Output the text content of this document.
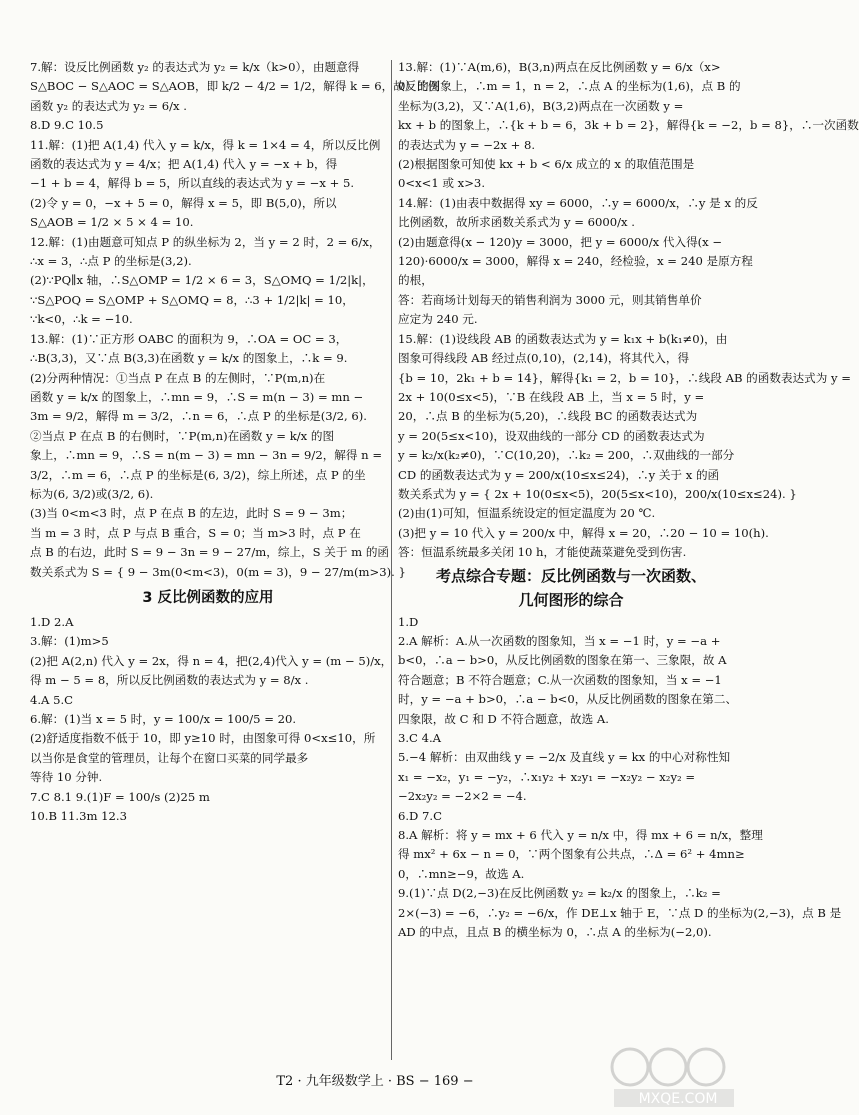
7.解：设反比例函数 y₂ 的表达式为 y₂ = k/x（k>0），由题意得
S△BOC − S△AOC = S△AOB，即 k/2 − 4/2 = 1/2，解得 k = 6，故反比例
函数 y₂ 的表达式为 y₂ = 6/x .
8.D 9.C 10.5
11.解：(1)把 A(1,4) 代入 y = k/x，得 k = 1×4 = 4，所以反比例
函数的表达式为 y = 4/x；把 A(1,4) 代入 y = −x + b，得
−1 + b = 4，解得 b = 5，所以直线的表达式为 y = −x + 5.
(2)令 y = 0，−x + 5 = 0，解得 x = 5，即 B(5,0)，所以
S△AOB = 1/2 × 5 × 4 = 10.
12.解：(1)由题意可知点 P 的纵坐标为 2，当 y = 2 时，2 = 6/x，
∴x = 3，∴点 P 的坐标是(3,2).
(2)∵PQ∥x 轴，∴S△OMP = 1/2 × 6 = 3，S△OMQ = 1/2|k|，
∵S△POQ = S△OMP + S△OMQ = 8，∴3 + 1/2|k| = 10，
∵k<0，∴k = −10.
13.解：(1)∵正方形 OABC 的面积为 9，∴OA = OC = 3，
∴B(3,3)，又∵点 B(3,3)在函数 y = k/x 的图象上，∴k = 9.
(2)分两种情况：①当点 P 在点 B 的左侧时，∵P(m,n)在
函数 y = k/x 的图象上，∴mn = 9，∴S = m(n − 3) = mn −
3m = 9/2，解得 m = 3/2，∴n = 6，∴点 P 的坐标是(3/2, 6).
②当点 P 在点 B 的右侧时，∵P(m,n)在函数 y = k/x 的图
象上，∴mn = 9，∴S = n(m − 3) = mn − 3n = 9/2，解得 n =
3/2，∴m = 6，∴点 P 的坐标是(6, 3/2)，综上所述，点 P 的坐
标为(6, 3/2)或(3/2, 6).
(3)当 0<m<3 时，点 P 在点 B 的左边，此时 S = 9 − 3m；
当 m = 3 时，点 P 与点 B 重合，S = 0；当 m>3 时，点 P 在
点 B 的右边，此时 S = 9 − 3n = 9 − 27/m，综上，S 关于 m 的函
数关系式为 S = { 9 − 3m(0<m<3)，0(m = 3)，9 − 27/m(m>3). }
3 反比例函数的应用
1.D 2.A
3.解：(1)m>5
(2)把 A(2,n) 代入 y = 2x，得 n = 4，把(2,4)代入 y = (m − 5)/x，
得 m − 5 = 8，所以反比例函数的表达式为 y = 8/x .
4.A 5.C
6.解：(1)当 x = 5 时，y = 100/x = 100/5 = 20.
(2)舒适度指数不低于 10，即 y≥10 时，由图象可得 0<x≤10，所
以当你是食堂的管理员，让每个在窗口买菜的同学最多
等待 10 分钟.
7.C 8.1 9.(1)F = 100/s (2)25 m
10.B 11.3m 12.3
13.解：(1)∵A(m,6)，B(3,n)两点在反比例函数 y = 6/x（x>
0）的图象上，∴m = 1，n = 2，∴点 A 的坐标为(1,6)，点 B 的
坐标为(3,2)，又∵A(1,6)，B(3,2)两点在一次函数 y =
kx + b 的图象上，∴{k + b = 6，3k + b = 2}，解得{k = −2，b = 8}，∴一次函数
的表达式为 y = −2x + 8.
(2)根据图象可知使 kx + b < 6/x 成立的 x 的取值范围是
0<x<1 或 x>3.
14.解：(1)由表中数据得 xy = 6000，∴y = 6000/x，∴y 是 x 的反
比例函数，故所求函数关系式为 y = 6000/x .
(2)由题意得(x − 120)y = 3000，把 y = 6000/x 代入得(x −
120)·6000/x = 3000，解得 x = 240，经检验，x = 240 是原方程
的根，
答：若商场计划每天的销售利润为 3000 元，则其销售单价
应定为 240 元.
15.解：(1)设线段 AB 的函数表达式为 y = k₁x + b(k₁≠0)，由
图象可得线段 AB 经过点(0,10)，(2,14)，将其代入，得
{b = 10，2k₁ + b = 14}，解得{k₁ = 2，b = 10}，∴线段 AB 的函数表达式为 y =
2x + 10(0≤x<5)，∵B 在线段 AB 上，当 x = 5 时，y =
20，∴点 B 的坐标为(5,20)，∴线段 BC 的函数表达式为
y = 20(5≤x<10)，设双曲线的一部分 CD 的函数表达式为
y = k₂/x(k₂≠0)，∵C(10,20)，∴k₂ = 200，∴双曲线的一部分
CD 的函数表达式为 y = 200/x(10≤x≤24)，∴y 关于 x 的函
数关系式为 y = { 2x + 10(0≤x<5)，20(5≤x<10)，200/x(10≤x≤24). }
(2)由(1)可知，恒温系统设定的恒定温度为 20 ℃.
(3)把 y = 10 代入 y = 200/x 中，解得 x = 20，∴20 − 10 = 10(h).
答：恒温系统最多关闭 10 h，才能使蔬菜避免受到伤害.
考点综合专题：反比例函数与一次函数、
几何图形的综合
1.D
2.A 解析：A.从一次函数的图象知，当 x = −1 时，y = −a +
b<0，∴a − b>0，从反比例函数的图象在第一、三象限，故 A
符合题意；B 不符合题意；C.从一次函数的图象知，当 x = −1
时，y = −a + b>0，∴a − b<0，从反比例函数的图象在第二、
四象限，故 C 和 D 不符合题意，故选 A.
3.C 4.A
5.−4 解析：由双曲线 y = −2/x 及直线 y = kx 的中心对称性知
x₁ = −x₂，y₁ = −y₂，∴x₁y₂ + x₂y₁ = −x₂y₂ − x₂y₂ =
−2x₂y₂ = −2×2 = −4.
6.D 7.C
8.A 解析：将 y = mx + 6 代入 y = n/x 中，得 mx + 6 = n/x，整理
得 mx² + 6x − n = 0，∵两个图象有公共点，∴Δ = 6² + 4mn≥
0，∴mn≥−9，故选 A.
9.(1)∵点 D(2,−3)在反比例函数 y₂ = k₂/x 的图象上，∴k₂ =
2×(−3) = −6，∴y₂ = −6/x，作 DE⊥x 轴于 E，∵点 D 的坐标为(2,−3)，点 B 是
AD 的中点，且点 B 的横坐标为 0，∴点 A 的坐标为(−2,0).
T2 · 九年级数学上 · BS − 169 −
MXQE.COM
